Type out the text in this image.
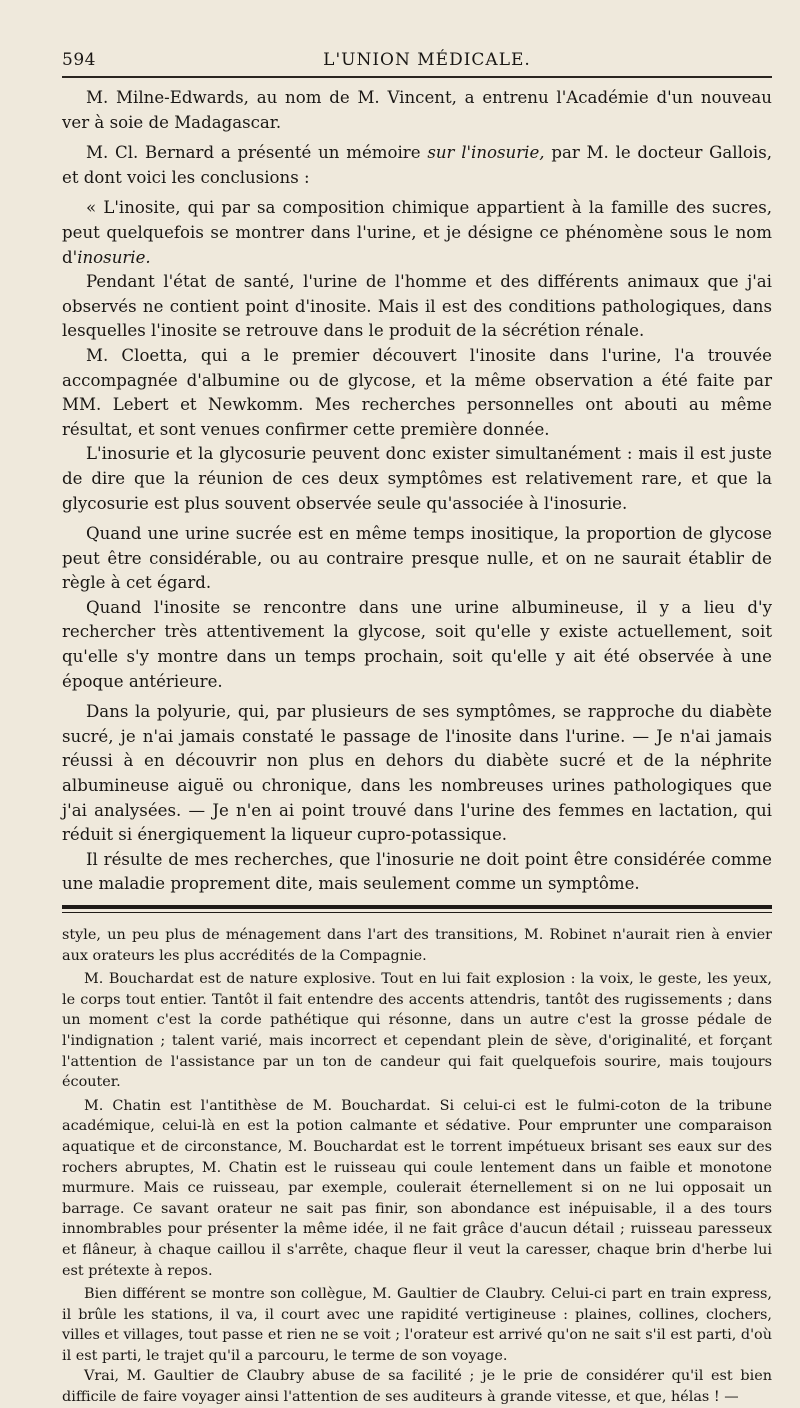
594	L'UNION MÉDICALE.

M. Milne-Edwards, au nom de M. Vincent, a entrenu l'Académie d'un nouveau ver à soie de Madagascar.

M. Cl. Bernard a présenté un mémoire sur l'inosurie, par M. le docteur Gallois, et dont voici les conclusions :

« L'inosite, qui par sa composition chimique appartient à la famille des sucres, peut quelquefois se montrer dans l'urine, et je désigne ce phénomène sous le nom d'inosurie.

Pendant l'état de santé, l'urine de l'homme et des différents animaux que j'ai observés ne contient point d'inosite. Mais il est des conditions pathologiques, dans lesquelles l'inosite se retrouve dans le produit de la sécrétion rénale.

M. Cloetta, qui a le premier découvert l'inosite dans l'urine, l'a trouvée accompagnée d'albumine ou de glycose, et la même observation a été faite par MM. Lebert et Newkomm. Mes recherches personnelles ont abouti au même résultat, et sont venues confirmer cette première donnée.

L'inosurie et la glycosurie peuvent donc exister simultanément : mais il est juste de dire que la réunion de ces deux symptômes est relativement rare, et que la glycosurie est plus souvent observée seule qu'associée à l'inosurie.

Quand une urine sucrée est en même temps inositique, la proportion de glycose peut être considérable, ou au contraire presque nulle, et on ne saurait établir de règle à cet égard.

Quand l'inosite se rencontre dans une urine albumineuse, il y a lieu d'y rechercher très attentivement la glycose, soit qu'elle y existe actuellement, soit qu'elle s'y montre dans un temps prochain, soit qu'elle y ait été observée à une époque antérieure.

Dans la polyurie, qui, par plusieurs de ses symptômes, se rapproche du diabète sucré, je n'ai jamais constaté le passage de l'inosite dans l'urine. — Je n'ai jamais réussi à en découvrir non plus en dehors du diabète sucré et de la néphrite albumineuse aiguë ou chronique, dans les nombreuses urines pathologiques que j'ai analysées. — Je n'en ai point trouvé dans l'urine des femmes en lactation, qui réduit si énergiquement la liqueur cupro-potassique.

Il résulte de mes recherches, que l'inosurie ne doit point être considérée comme une maladie proprement dite, mais seulement comme un symptôme.

style, un peu plus de ménagement dans l'art des transitions, M. Robinet n'aurait rien à envier aux orateurs les plus accrédités de la Compagnie.

M. Bouchardat est de nature explosive. Tout en lui fait explosion : la voix, le geste, les yeux, le corps tout entier. Tantôt il fait entendre des accents attendris, tantôt des rugissements ; dans un moment c'est la corde pathétique qui résonne, dans un autre c'est la grosse pédale de l'indignation ; talent varié, mais incorrect et cependant plein de sève, d'originalité, et forçant l'attention de l'assistance par un ton de candeur qui fait quelquefois sourire, mais toujours écouter.

M. Chatin est l'antithèse de M. Bouchardat. Si celui-ci est le fulmi-coton de la tribune académique, celui-là en est la potion calmante et sédative. Pour emprunter une comparaison aquatique et de circonstance, M. Bouchardat est le torrent impétueux brisant ses eaux sur des rochers abruptes, M. Chatin est le ruisseau qui coule lentement dans un faible et monotone murmure. Mais ce ruisseau, par exemple, coulerait éternellement si on ne lui opposait un barrage. Ce savant orateur ne sait pas finir, son abondance est inépuisable, il a des tours innombrables pour présenter la même idée, il ne fait grâce d'aucun détail ; ruisseau paresseux et flâneur, à chaque caillou il s'arrête, chaque fleur il veut la caresser, chaque brin d'herbe lui est prétexte à repos.

Bien différent se montre son collègue, M. Gaultier de Claubry. Celui-ci part en train express, il brûle les stations, il va, il court avec une rapidité vertigineuse : plaines, collines, clochers, villes et villages, tout passe et rien ne se voit ; l'orateur est arrivé qu'on ne sait s'il est parti, d'où il est parti, le trajet qu'il a parcouru, le terme de son voyage.

Vrai, M. Gaultier de Claubry abuse de sa facilité ; je le prie de considérer qu'il est bien difficile de faire voyager ainsi l'attention de ses auditeurs à grande vitesse, et que, hélas ! —
